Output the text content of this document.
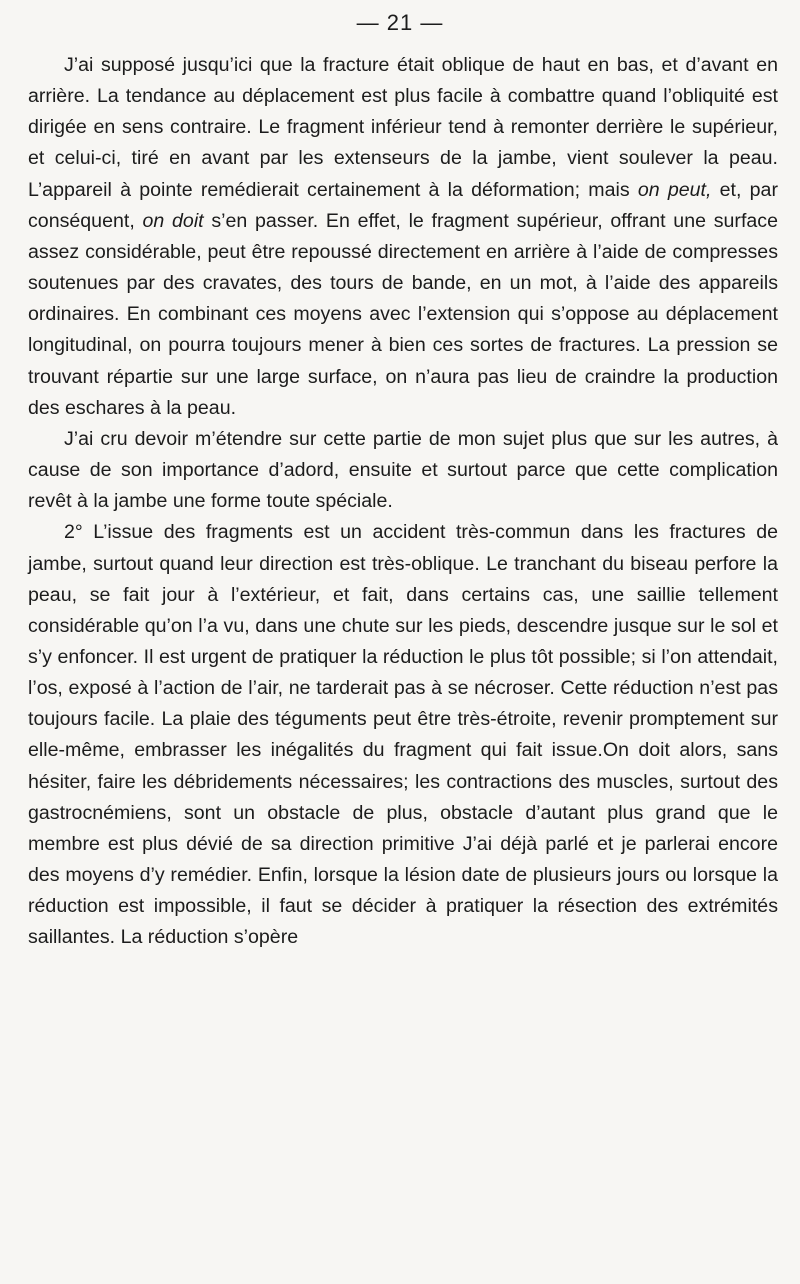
— 21 —

J’ai supposé jusqu’ici que la fracture était oblique de haut en bas, et d’avant en arrière. La tendance au déplacement est plus facile à combattre quand l’obliquité est dirigée en sens contraire. Le fragment inférieur tend à remonter derrière le supérieur, et celui-ci, tiré en avant par les extenseurs de la jambe, vient soulever la peau. L’appareil à pointe remédierait certainement à la déformation; mais on peut, et, par conséquent, on doit s’en passer. En effet, le fragment supérieur, offrant une surface assez considérable, peut être repoussé directement en arrière à l’aide de compresses soutenues par des cravates, des tours de bande, en un mot, à l’aide des appareils ordinaires. En combinant ces moyens avec l’extension qui s’oppose au déplacement longitudinal, on pourra toujours mener à bien ces sortes de fractures. La pression se trouvant répartie sur une large surface, on n’aura pas lieu de craindre la production des eschares à la peau.

J’ai cru devoir m’étendre sur cette partie de mon sujet plus que sur les autres, à cause de son importance d’adord, ensuite et surtout parce que cette complication revêt à la jambe une forme toute spéciale.

2° L’issue des fragments est un accident très-commun dans les fractures de jambe, surtout quand leur direction est très-oblique. Le tranchant du biseau perfore la peau, se fait jour à l’extérieur, et fait, dans certains cas, une saillie tellement considérable qu’on l’a vu, dans une chute sur les pieds, descendre jusque sur le sol et s’y enfoncer. Il est urgent de pratiquer la réduction le plus tôt possible; si l’on attendait, l’os, exposé à l’action de l’air, ne tarderait pas à se nécroser. Cette réduction n’est pas toujours facile. La plaie des téguments peut être très-étroite, revenir promptement sur elle-même, embrasser les inégalités du fragment qui fait issue.On doit alors, sans hésiter, faire les débridements nécessaires; les contractions des muscles, surtout des gastrocnémiens, sont un obstacle de plus, obstacle d’autant plus grand que le membre est plus dévié de sa direction primitive J’ai déjà parlé et je parlerai encore des moyens d’y remédier. Enfin, lorsque la lésion date de plusieurs jours ou lorsque la réduction est impossible, il faut se décider à pratiquer la résection des extrémités saillantes. La réduction s’opère
